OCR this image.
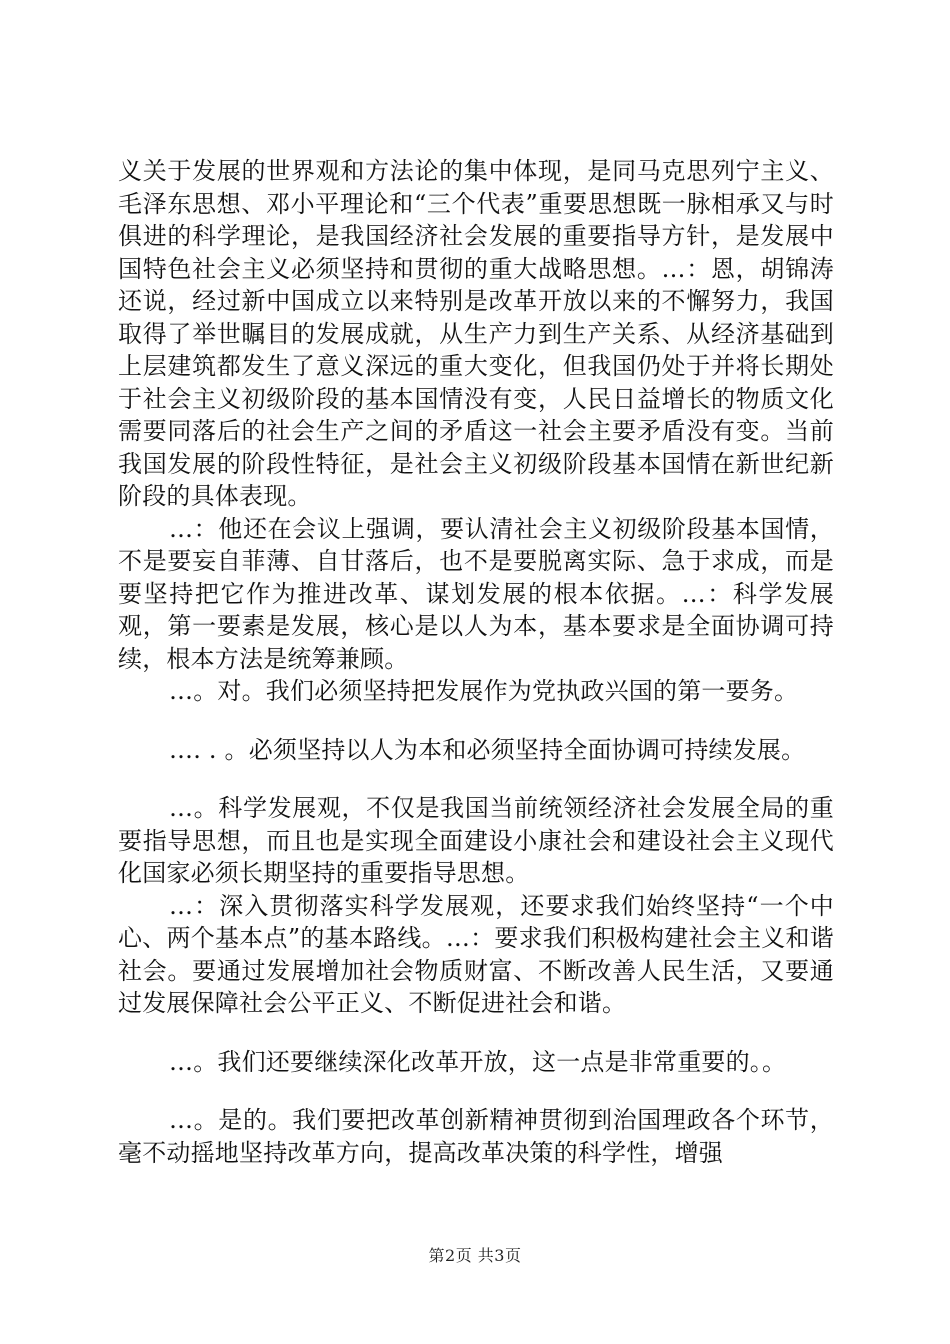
义关于发展的世界观和方法论的集中体现，是同马克思列宁主义、毛泽东思想、邓小平理论和“三个代表”重要思想既一脉相承又与时俱进的科学理论，是我国经济社会发展的重要指导方针，是发展中国特色社会主义必须坚持和贯彻的重大战略思想。…：恩，胡锦涛还说，经过新中国成立以来特别是改革开放以来的不懈努力，我国取得了举世瞩目的发展成就，从生产力到生产关系、从经济基础到上层建筑都发生了意义深远的重大变化，但我国仍处于并将长期处于社会主义初级阶段的基本国情没有变，人民日益增长的物质文化需要同落后的社会生产之间的矛盾这一社会主要矛盾没有变。当前我国发展的阶段性特征，是社会主义初级阶段基本国情在新世纪新阶段的具体表现。

…：他还在会议上强调，要认清社会主义初级阶段基本国情，不是要妄自菲薄、自甘落后，也不是要脱离实际、急于求成，而是要坚持把它作为推进改革、谋划发展的根本依据。…：科学发展观，第一要素是发展，核心是以人为本，基本要求是全面协调可持续，根本方法是统筹兼顾。

…。对。我们必须坚持把发展作为党执政兴国的第一要务。

…. . 。必须坚持以人为本和必须坚持全面协调可持续发展。

…。科学发展观，不仅是我国当前统领经济社会发展全局的重要指导思想，而且也是实现全面建设小康社会和建设社会主义现代化国家必须长期坚持的重要指导思想。

…：深入贯彻落实科学发展观，还要求我们始终坚持“一个中心、两个基本点”的基本路线。…：要求我们积极构建社会主义和谐社会。要通过发展增加社会物质财富、不断改善人民生活，又要通过发展保障社会公平正义、不断促进社会和谐。

…。我们还要继续深化改革开放，这一点是非常重要的。。

…。是的。我们要把改革创新精神贯彻到治国理政各个环节，毫不动摇地坚持改革方向，提高改革决策的科学性，增强

第2页 共3页
